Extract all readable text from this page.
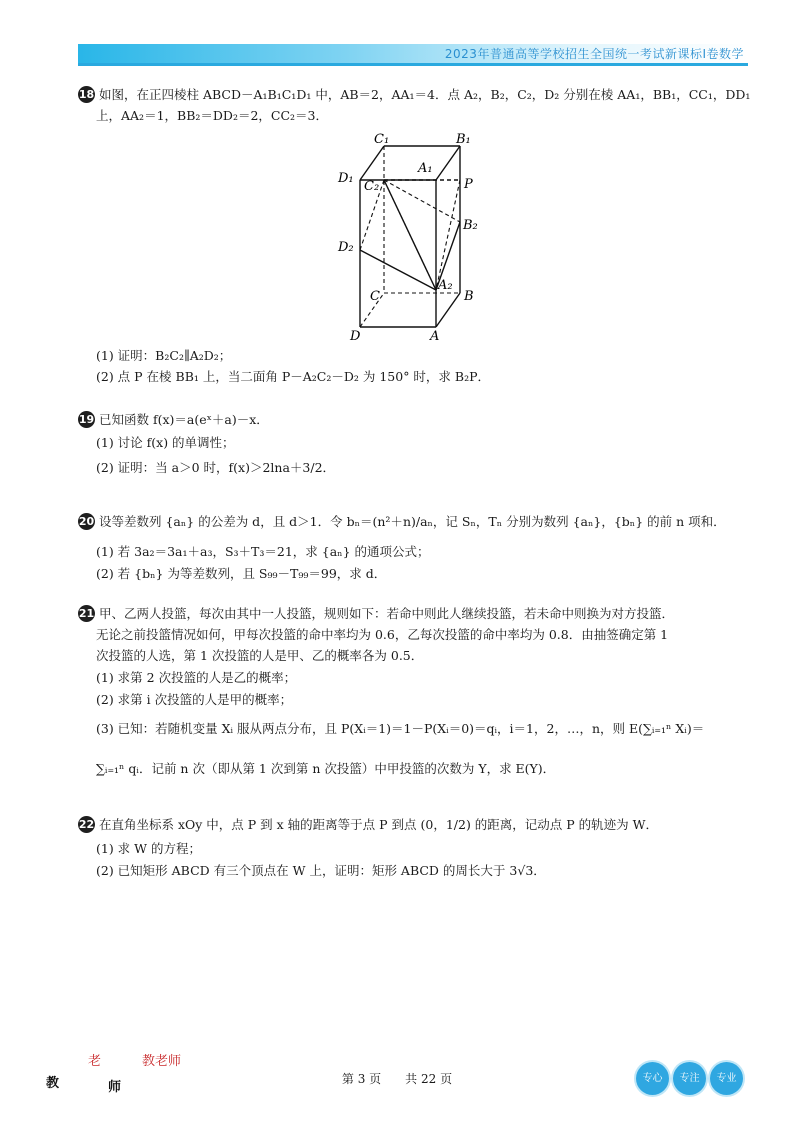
2023年普通高等学校招生全国统一考试新课标Ⅰ卷数学
18 如图，在正四棱柱 ABCD－A₁B₁C₁D₁ 中，AB＝2，AA₁＝4．点 A₂，B₂，C₂，D₂ 分别在棱 AA₁，BB₁，CC₁，DD₁
上，AA₂＝1，BB₂＝DD₂＝2，CC₂＝3．
C₁	B₁
A₁
D₁
C₂	P
B₂
D₂
A₂
C	B
D	A
(1) 证明：B₂C₂∥A₂D₂；
(2) 点 P 在棱 BB₁ 上，当二面角 P－A₂C₂－D₂ 为 150° 时，求 B₂P．
19 已知函数 f(x)＝a(eˣ＋a)－x．
(1) 讨论 f(x) 的单调性；
(2) 证明：当 a＞0 时，f(x)＞2lna＋3/2．
20 设等差数列 {aₙ} 的公差为 d，且 d＞1．令 bₙ＝(n²＋n)/aₙ，记 Sₙ，Tₙ 分别为数列 {aₙ}，{bₙ} 的前 n 项和．
(1) 若 3a₂＝3a₁＋a₃，S₃＋T₃＝21，求 {aₙ} 的通项公式；
(2) 若 {bₙ} 为等差数列，且 S₉₉－T₉₉＝99，求 d．
21 甲、乙两人投篮，每次由其中一人投篮，规则如下：若命中则此人继续投篮，若未命中则换为对方投篮．
无论之前投篮情况如何，甲每次投篮的命中率均为 0.6，乙每次投篮的命中率均为 0.8．由抽签确定第 1
次投篮的人选，第 1 次投篮的人是甲、乙的概率各为 0.5．
(1) 求第 2 次投篮的人是乙的概率；
(2) 求第 i 次投篮的人是甲的概率；
(3) 已知：若随机变量 Xᵢ 服从两点分布，且 P(Xᵢ＝1)＝1－P(Xᵢ＝0)＝qᵢ，i＝1，2，…，n，则 E(∑ᵢ₌₁ⁿ Xᵢ)＝
∑ᵢ₌₁ⁿ qᵢ．记前 n 次（即从第 1 次到第 n 次投篮）中甲投篮的次数为 Y，求 E(Y)．
22 在直角坐标系 xOy 中，点 P 到 x 轴的距离等于点 P 到点 (0，1/2) 的距离，记动点 P 的轨迹为 W．
(1) 求 W 的方程；
(2) 已知矩形 ABCD 有三个顶点在 W 上，证明：矩形 ABCD 的周长大于 3√3．
教
老
师
教老师
第 3 页　　共 22 页	专心 专注 专业
